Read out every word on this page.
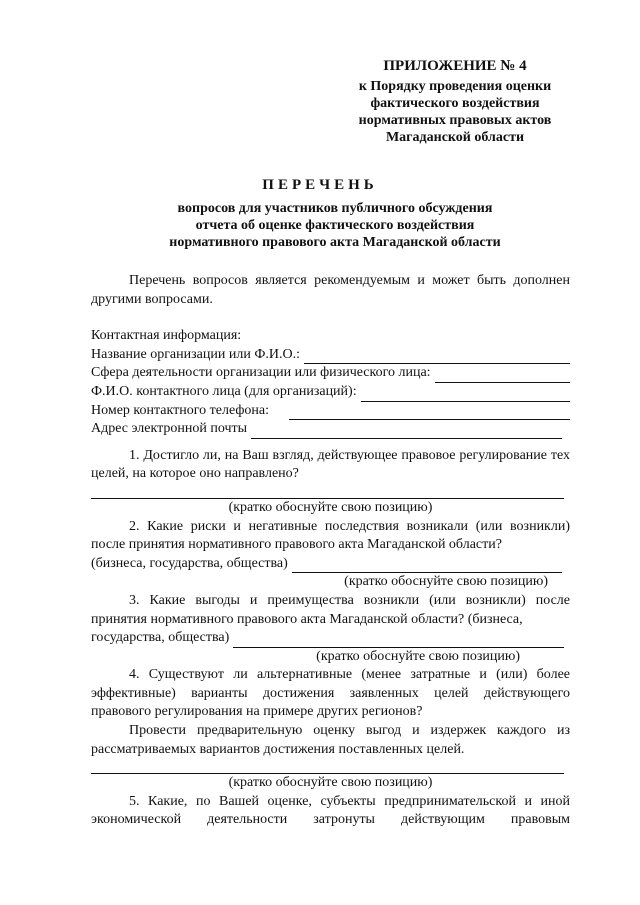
ПРИЛОЖЕНИЕ № 4
к Порядку проведения оценки
фактического воздействия
нормативных правовых актов
Магаданской области
ПЕРЕЧЕНЬ
вопросов для участников публичного обсуждения
отчета об оценке фактического воздействия
нормативного правового акта Магаданской области
Перечень вопросов является рекомендуемым и может быть дополнен другими вопросами.
Контактная информация:
Название организации или Ф.И.О.:
Сфера деятельности организации или физического лица:
Ф.И.О. контактного лица (для организаций):
Номер контактного телефона:
Адрес электронной почты
1. Достигло ли, на Ваш взгляд, действующее правовое регулирование тех целей, на которое оно направлено?
(кратко обоснуйте свою позицию)
2. Какие риски и негативные последствия возникали (или возникли) после принятия нормативного правового акта Магаданской области?
(бизнеса, государства, общества)
(кратко обоснуйте свою позицию)
3. Какие выгоды и преимущества возникли (или возникли) после принятия нормативного правового акта Магаданской области? (бизнеса,
государства, общества)
(кратко обоснуйте свою позицию)
4. Существуют ли альтернативные (менее затратные и (или) более эффективные) варианты достижения заявленных целей действующего правового регулирования на примере других регионов?
Провести предварительную оценку выгод и издержек каждого из рассматриваемых вариантов достижения поставленных целей.
(кратко обоснуйте свою позицию)
5. Какие, по Вашей оценке, субъекты предпринимательской и иной экономической деятельности затронуты действующим правовым
